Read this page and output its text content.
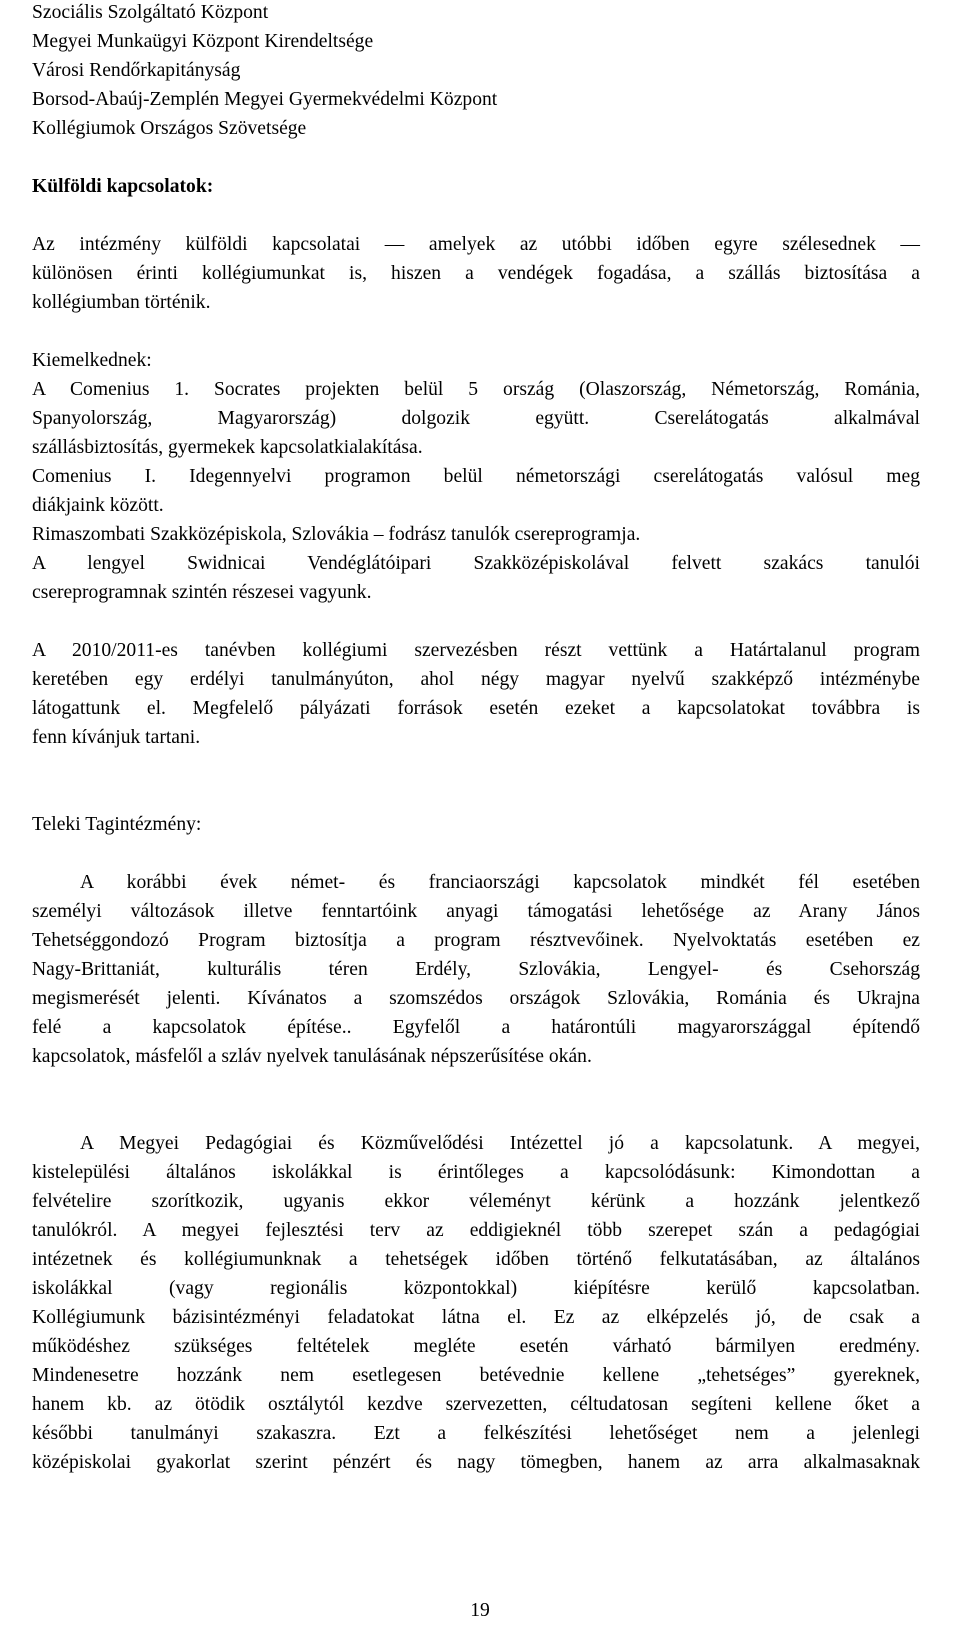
Szociális Szolgáltató Központ
Megyei Munkaügyi Központ Kirendeltsége
Városi Rendőrkapitányság
Borsod-Abaúj-Zemplén Megyei Gyermekvédelmi Központ
Kollégiumok Országos Szövetsége
Külföldi kapcsolatok:
Az intézmény külföldi kapcsolatai — amelyek az utóbbi időben egyre szélesednek —
különösen érinti kollégiumunkat is, hiszen a vendégek fogadása, a szállás biztosítása a
kollégiumban történik.
Kiemelkednek:
A Comenius 1. Socrates projekten belül 5 ország (Olaszország, Németország, Románia,
Spanyolország, Magyarország) dolgozik együtt. Cserelátogatás alkalmával
szállásbiztosítás, gyermekek kapcsolatkialakítása.
Comenius I. Idegennyelvi programon belül németországi cserelátogatás valósul meg
diákjaink között.
Rimaszombati Szakközépiskola, Szlovákia – fodrász tanulók csereprogramja.
A lengyel Swidnicai Vendéglátóipari Szakközépiskolával felvett szakács tanulói
csereprogramnak szintén részesei vagyunk.
A 2010/2011-es tanévben kollégiumi szervezésben részt vettünk a Határtalanul program
keretében egy erdélyi tanulmányúton, ahol négy magyar nyelvű szakképző intézménybe
látogattunk el. Megfelelő pályázati források esetén ezeket a kapcsolatokat továbbra is
fenn kívánjuk tartani.
Teleki Tagintézmény:
A korábbi évek német- és franciaországi kapcsolatok mindkét fél esetében
személyi változások illetve fenntartóink anyagi támogatási lehetősége az Arany János
Tehetséggondozó Program biztosítja a program résztvevőinek. Nyelvoktatás esetében ez
Nagy-Brittaniát, kulturális téren Erdély, Szlovákia, Lengyel- és Csehország
megismerését jelenti. Kívánatos a szomszédos országok Szlovákia, Románia és Ukrajna
felé a kapcsolatok építése.. Egyfelől a határontúli magyarországgal építendő
kapcsolatok, másfelől a szláv nyelvek tanulásának népszerűsítése okán.
A Megyei Pedagógiai és Közművelődési Intézettel jó a kapcsolatunk. A megyei,
kistelepülési általános iskolákkal is érintőleges a kapcsolódásunk: Kimondottan a
felvételire szorítkozik, ugyanis ekkor véleményt kérünk a hozzánk jelentkező
tanulókról. A megyei fejlesztési terv az eddigieknél több szerepet szán a pedagógiai
intézetnek és kollégiumunknak a tehetségek időben történő felkutatásában, az általános
iskolákkal (vagy regionális központokkal) kiépítésre kerülő kapcsolatban.
Kollégiumunk bázisintézményi feladatokat látna el. Ez az elképzelés jó, de csak a
működéshez szükséges feltételek megléte esetén várható bármilyen eredmény.
Mindenesetre hozzánk nem esetlegesen betévednie kellene „tehetséges” gyereknek,
hanem kb. az ötödik osztálytól kezdve szervezetten, céltudatosan segíteni kellene őket a
későbbi tanulmányi szakaszra. Ezt a felkészítési lehetőséget nem a jelenlegi
középiskolai gyakorlat szerint pénzért és nagy tömegben, hanem az arra alkalmasaknak
19
